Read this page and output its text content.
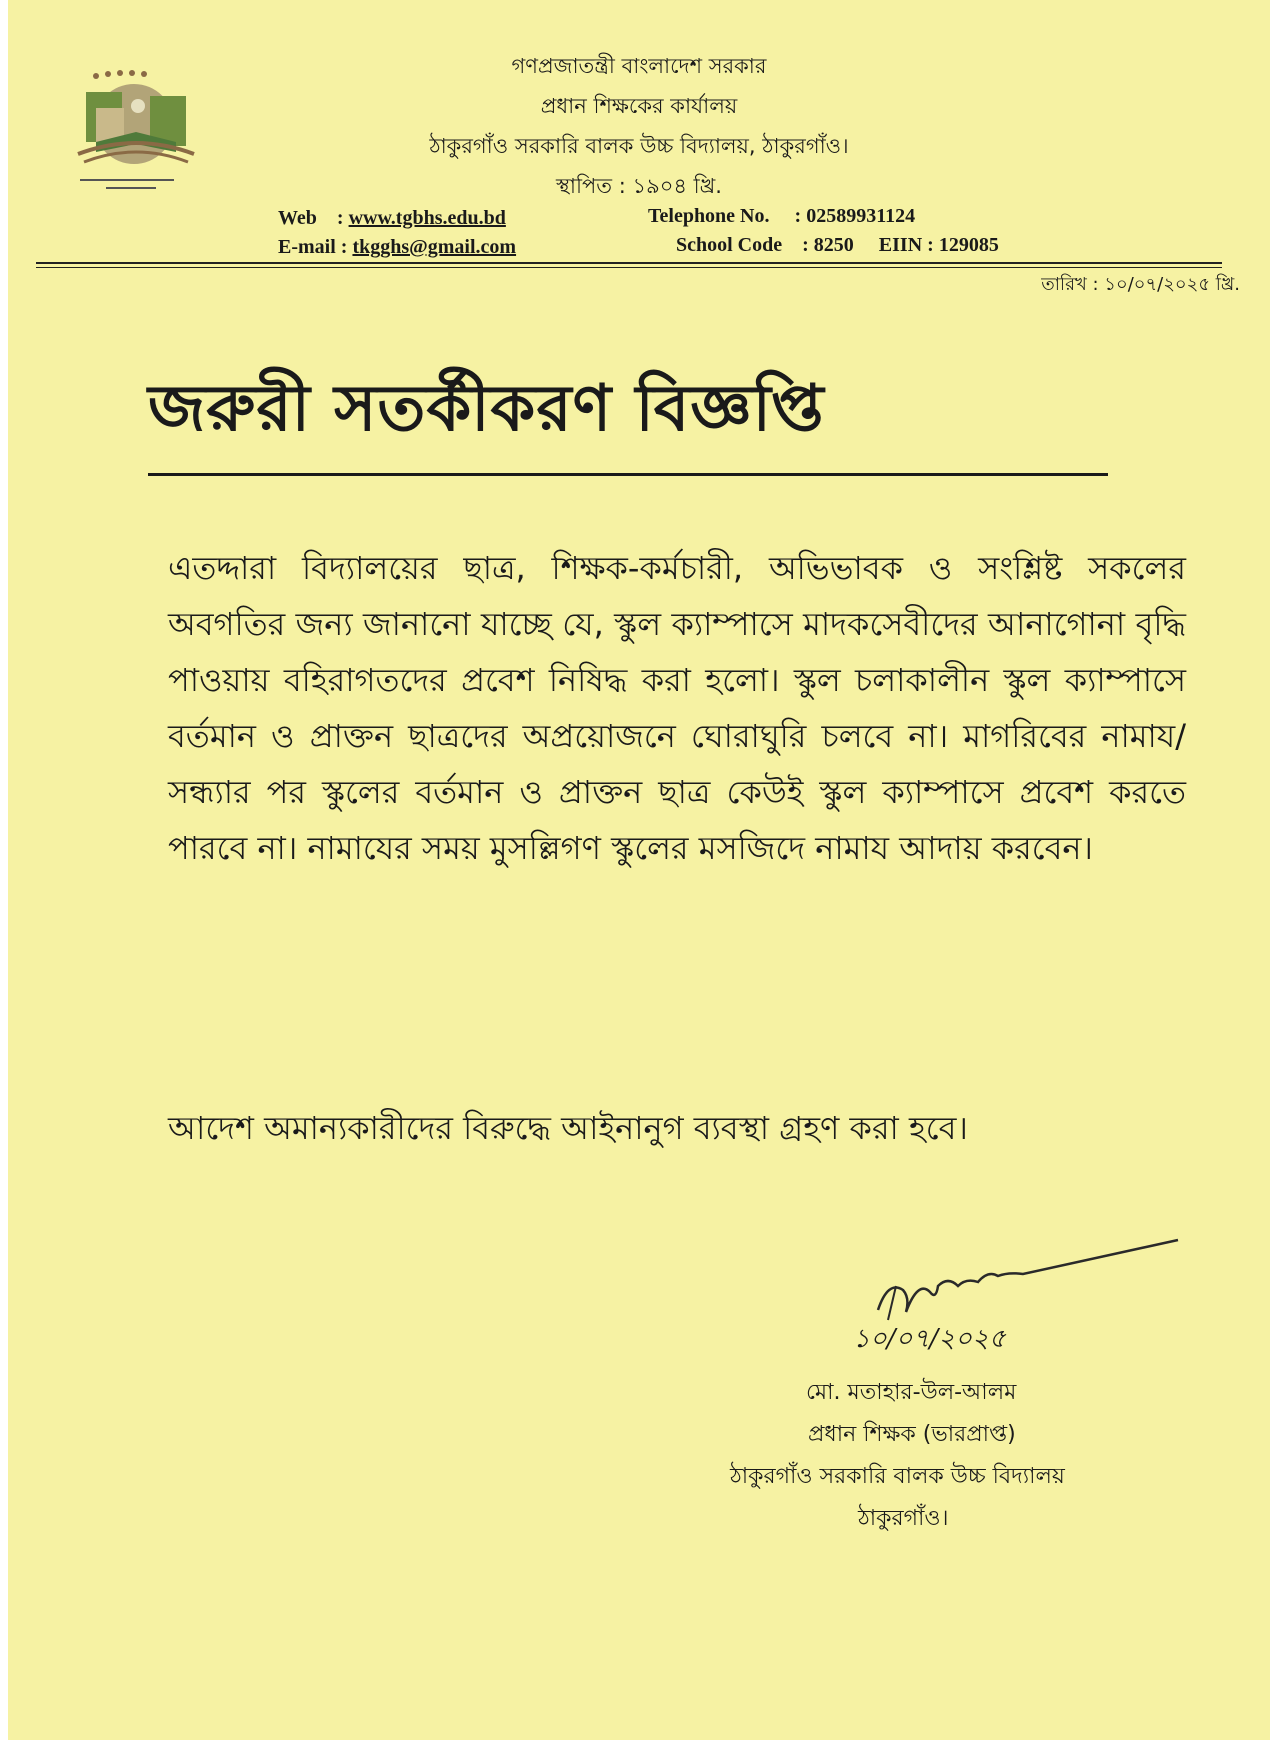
গণপ্রজাতন্ত্রী বাংলাদেশ সরকার
প্রধান শিক্ষকের কার্যালয়
ঠাকুরগাঁও সরকারি বালক উচ্চ বিদ্যালয়, ঠাকুরগাঁও।
স্থাপিত : ১৯০৪ খ্রি.
Web    : www.tgbhs.edu.bd
E-mail : tkgghs@gmail.com
Telephone No.     : 02589931124
School Code    : 8250 EIIN : 129085
তারিখ : ১০/০৭/২০২৫ খ্রি.
জরুরী সতর্কীকরণ বিজ্ঞপ্তি
এতদ্দারা বিদ্যালয়ের ছাত্র, শিক্ষক-কর্মচারী, অভিভাবক ও সংশ্লিষ্ট সকলের অবগতির জন্য জানানো যাচ্ছে যে, স্কুল ক্যাম্পাসে মাদকসেবীদের আনাগোনা বৃদ্ধি পাওয়ায় বহিরাগতদের প্রবেশ নিষিদ্ধ করা হলো। স্কুল চলাকালীন স্কুল ক্যাম্পাসে বর্তমান ও প্রাক্তন ছাত্রদের অপ্রয়োজনে ঘোরাঘুরি চলবে না। মাগরিবের নামায/সন্ধ্যার পর স্কুলের বর্তমান ও প্রাক্তন ছাত্র কেউই স্কুল ক্যাম্পাসে প্রবেশ করতে পারবে না। নামাযের সময় মুসল্লিগণ স্কুলের মসজিদে নামায আদায় করবেন।
আদেশ অমান্যকারীদের বিরুদ্ধে আইনানুগ ব্যবস্থা গ্রহণ করা হবে।
১০/০৭/২০২৫
মো. মতাহার-উল-আলম
প্রধান শিক্ষক (ভারপ্রাপ্ত)
ঠাকুরগাঁও সরকারি বালক উচ্চ বিদ্যালয়
ঠাকুরগাঁও।
